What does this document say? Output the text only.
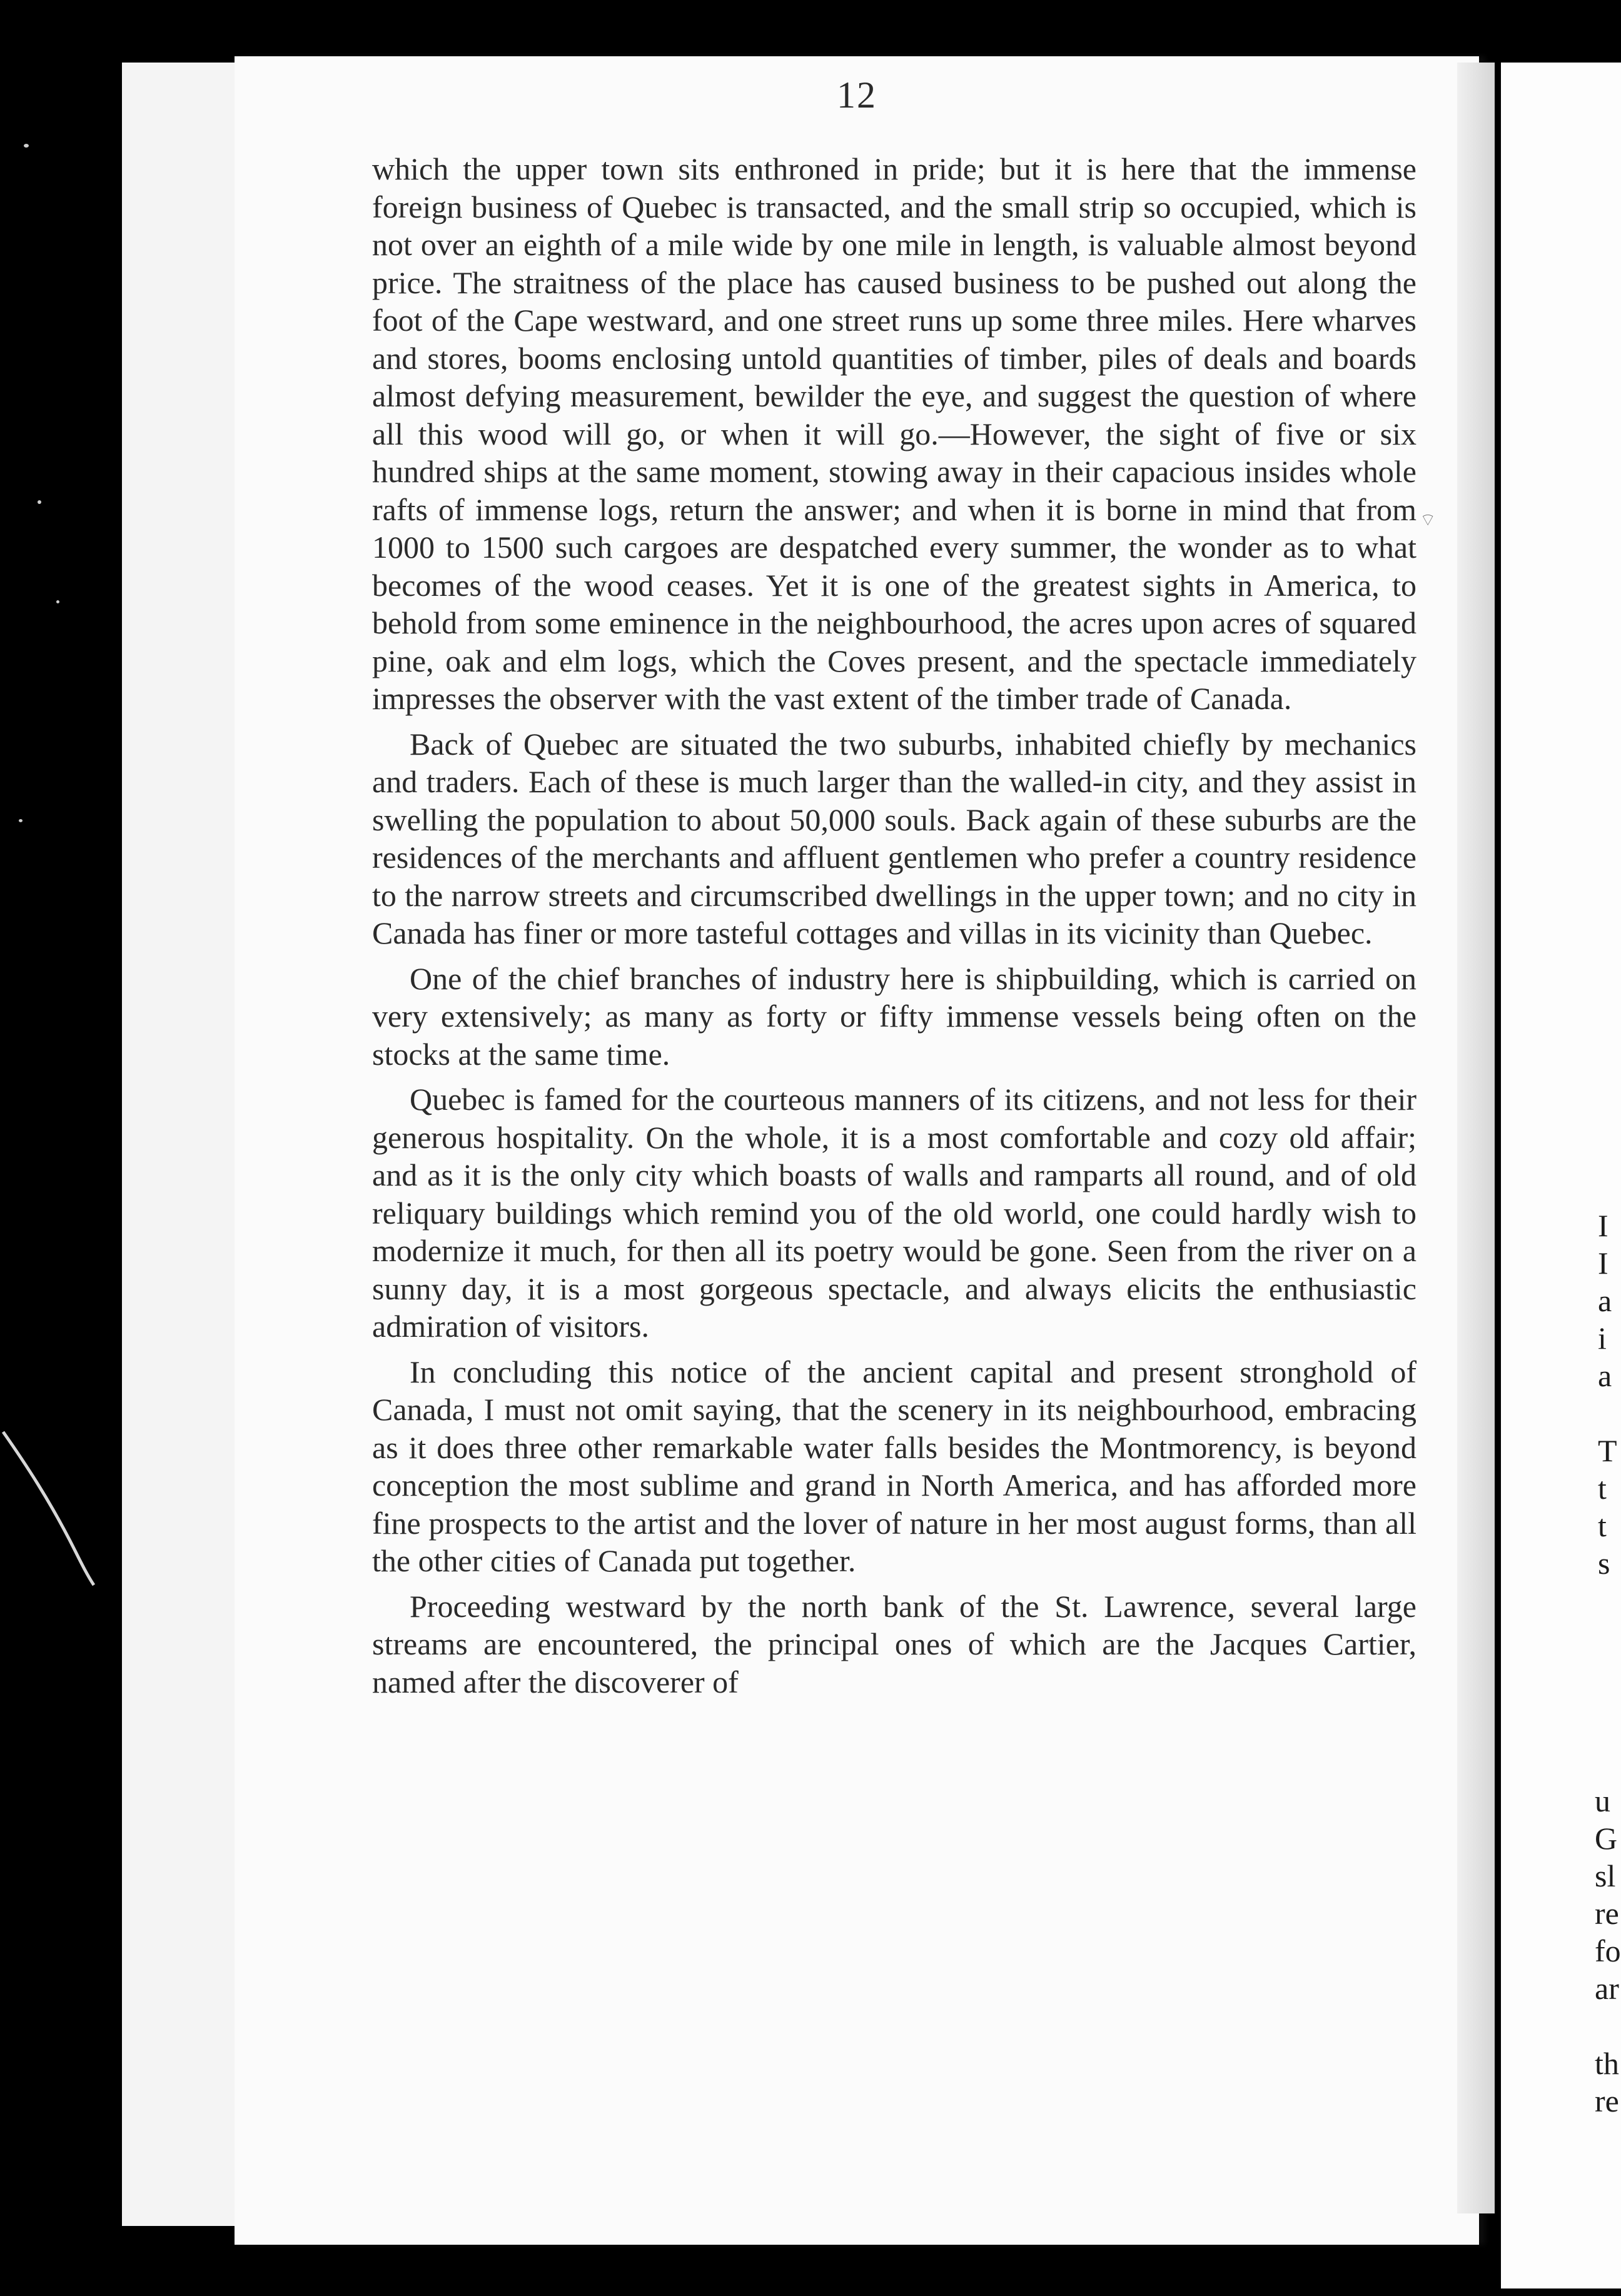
12

which the upper town sits enthroned in pride; but it is here that the immense foreign business of Quebec is transacted, and the small strip so occupied, which is not over an eighth of a mile wide by one mile in length, is valuable almost beyond price. The straitness of the place has caused business to be pushed out along the foot of the Cape westward, and one street runs up some three miles. Here wharves and stores, booms enclosing untold quantities of timber, piles of deals and boards almost defying measurement, bewilder the eye, and suggest the question of where all this wood will go, or when it will go.—However, the sight of five or six hundred ships at the same moment, stowing away in their capacious insides whole rafts of immense logs, return the answer; and when it is borne in mind that from 1000 to 1500 such cargoes are despatched every summer, the wonder as to what becomes of the wood ceases. Yet it is one of the greatest sights in America, to behold from some eminence in the neighbourhood, the acres upon acres of squared pine, oak and elm logs, which the Coves present, and the spectacle immediately impresses the observer with the vast extent of the timber trade of Canada.

Back of Quebec are situated the two suburbs, inhabited chiefly by mechanics and traders. Each of these is much larger than the walled-in city, and they assist in swelling the population to about 50,000 souls. Back again of these suburbs are the residences of the merchants and affluent gentlemen who prefer a country residence to the narrow streets and circumscribed dwellings in the upper town; and no city in Canada has finer or more tasteful cottages and villas in its vicinity than Quebec.

One of the chief branches of industry here is shipbuilding, which is carried on very extensively; as many as forty or fifty immense vessels being often on the stocks at the same time.

Quebec is famed for the courteous manners of its citizens, and not less for their generous hospitality. On the whole, it is a most comfortable and cozy old affair; and as it is the only city which boasts of walls and ramparts all round, and of old reliquary buildings which remind you of the old world, one could hardly wish to modernize it much, for then all its poetry would be gone. Seen from the river on a sunny day, it is a most gorgeous spectacle, and always elicits the enthusiastic admiration of visitors.

In concluding this notice of the ancient capital and present stronghold of Canada, I must not omit saying, that the scenery in its neighbourhood, embracing as it does three other remarkable water falls besides the Montmorency, is beyond conception the most sublime and grand in North America, and has afforded more fine prospects to the artist and the lover of nature in her most august forms, than all the other cities of Canada put together.

Proceeding westward by the north bank of the St. Lawrence, several large streams are encountered, the principal ones of which are the Jacques Cartier, named after the discoverer of

I
I
a
i
a

T
t
t
s
u
G
sl
re
fo
ar

th
re
⌔
